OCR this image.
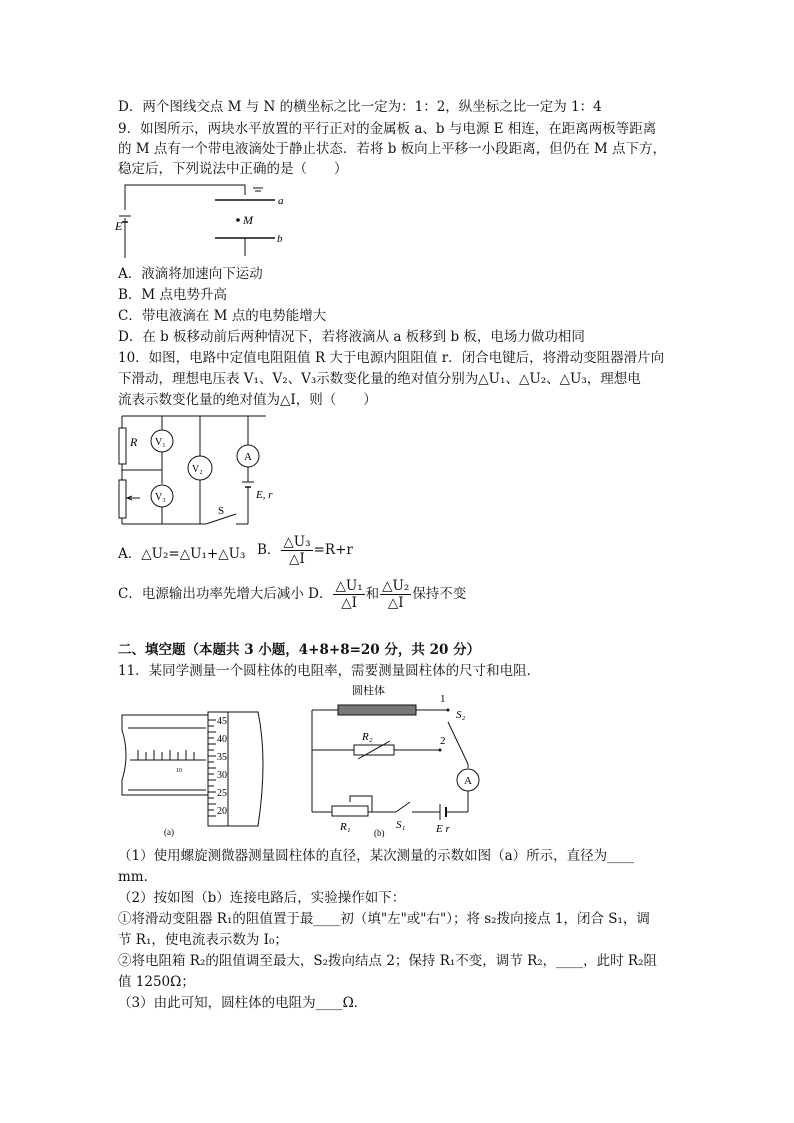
D．两个图线交点 M 与 N 的横坐标之比一定为：1：2，纵坐标之比一定为 1：4
9．如图所示，两块水平放置的平行正对的金属板 a、b 与电源 E 相连，在距离两板等距离
的 M 点有一个带电液滴处于静止状态．若将 b 板向上平移一小段距离，但仍在 M 点下方，
稳定后，下列说法中正确的是（　　）
E	M
a
b
A．液滴将加速向下运动
B．M 点电势升高
C．带电液滴在 M 点的电势能增大
D．在 b 板移动前后两种情况下，若将液滴从 a 板移到 b 板，电场力做功相同
10．如图，电路中定值电阻阻值 R 大于电源内阻阻值 r．闭合电键后，将滑动变阻器滑片向
下滑动，理想电压表 V₁、V₂、V₃示数变化量的绝对值分别为△U₁、△U₂、△U₃，理想电
流表示数变化量的绝对值为△I，则（　　）
R V₁
V₃
V₂
A
E, r
S
A．△U₂=△U₁+△U₃ B． $\frac{\text{△U₃}}{\triangle I} =R+r$
C．电源输出功率先增大后减小 D． $\frac{\text{△U₁}}{\triangle I}$ 和 $\frac{\text{△U₂}}{\triangle I}$ 保持不变
二、填空题（本题共 3 小题，4+8+8=20 分，共 20 分）
11．某同学测量一个圆柱体的电阻率，需要测量圆柱体的尺寸和电阻．
45
40
35
30
25
20
10
(a)
圆柱体
1
S₂
R₂	2
A
R₁	S₁	E r
(b)
（1）使用螺旋测微器测量圆柱体的直径，某次测量的示数如图（a）所示，直径为____
mm．
（2）按如图（b）连接电路后，实验操作如下：
①将滑动变阻器 R₁的阻值置于最____初（填"左"或"右"）；将 s₂拨向接点 1，闭合 S₁，调
节 R₁，使电流表示数为 I₀；
②将电阻箱 R₂的阻值调至最大，S₂拨向结点 2；保持 R₁不变，调节 R₂，____，此时 R₂阻
值 1250Ω；
（3）由此可知，圆柱体的电阻为____Ω．
